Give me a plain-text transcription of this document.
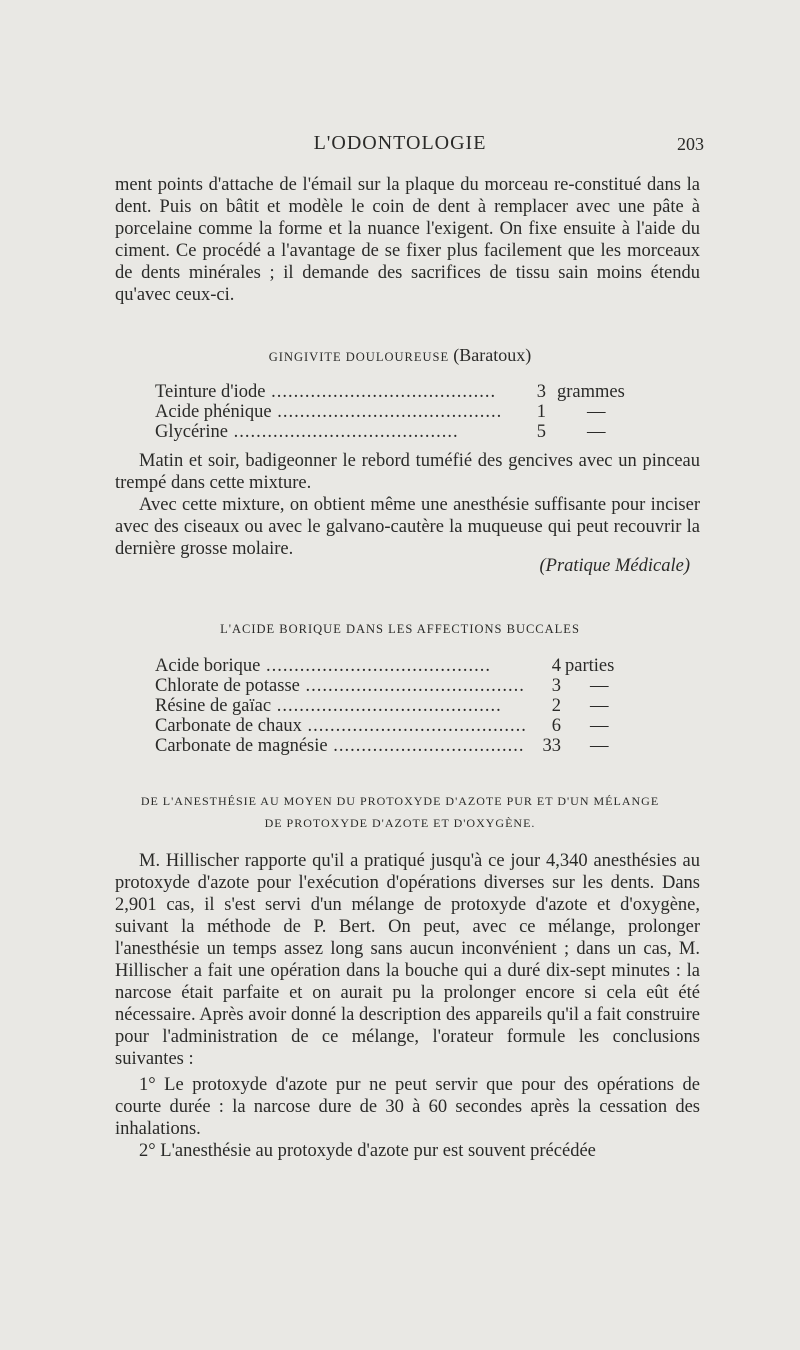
L'ODONTOLOGIE	203

ment points d'attache de l'émail sur la plaque du morceau re-constitué dans la dent. Puis on bâtit et modèle le coin de dent à remplacer avec une pâte à porcelaine comme la forme et la nuance l'exigent. On fixe ensuite à l'aide du ciment. Ce procédé a l'avantage de se fixer plus facilement que les morceaux de dents minérales ; il demande des sacrifices de tissu sain moins étendu qu'avec ceux-ci.

GINGIVITE DOULOUREUSE (Baratoux)
Teinture d'iode .....	3 grammes
Acide phénique .....	1 —
Glycérine .....	5 —

Matin et soir, badigeonner le rebord tuméfié des gencives avec un pinceau trempé dans cette mixture.

Avec cette mixture, on obtient même une anesthésie suffisante pour inciser avec des ciseaux ou avec le galvano-cautère la muqueuse qui peut recouvrir la dernière grosse molaire.

(Pratique Médicale)
L'ACIDE BORIQUE DANS LES AFFECTIONS BUCCALES
Acide borique .....	4 parties
Chlorate de potasse .....	3 —
Résine de gaïac .....	2 —
Carbonate de chaux .....	6 —
Carbonate de magnésie .....	33 —
DE L'ANESTHÉSIE AU MOYEN DU PROTOXYDE D'AZOTE PUR ET D'UN MÉLANGE
DE PROTOXYDE D'AZOTE ET D'OXYGÈNE.

M. Hillischer rapporte qu'il a pratiqué jusqu'à ce jour 4,340 anesthésies au protoxyde d'azote pour l'exécution d'opérations diverses sur les dents. Dans 2,901 cas, il s'est servi d'un mélange de protoxyde d'azote et d'oxygène, suivant la méthode de P. Bert. On peut, avec ce mélange, prolonger l'anesthésie un temps assez long sans aucun inconvénient ; dans un cas, M. Hillischer a fait une opération dans la bouche qui a duré dix-sept minutes : la narcose était parfaite et on aurait pu la prolonger encore si cela eût été nécessaire. Après avoir donné la description des appareils qu'il a fait construire pour l'administration de ce mélange, l'orateur formule les conclusions suivantes :

1° Le protoxyde d'azote pur ne peut servir que pour des opérations de courte durée : la narcose dure de 30 à 60 secondes après la cessation des inhalations.

2° L'anesthésie au protoxyde d'azote pur est souvent précédée
